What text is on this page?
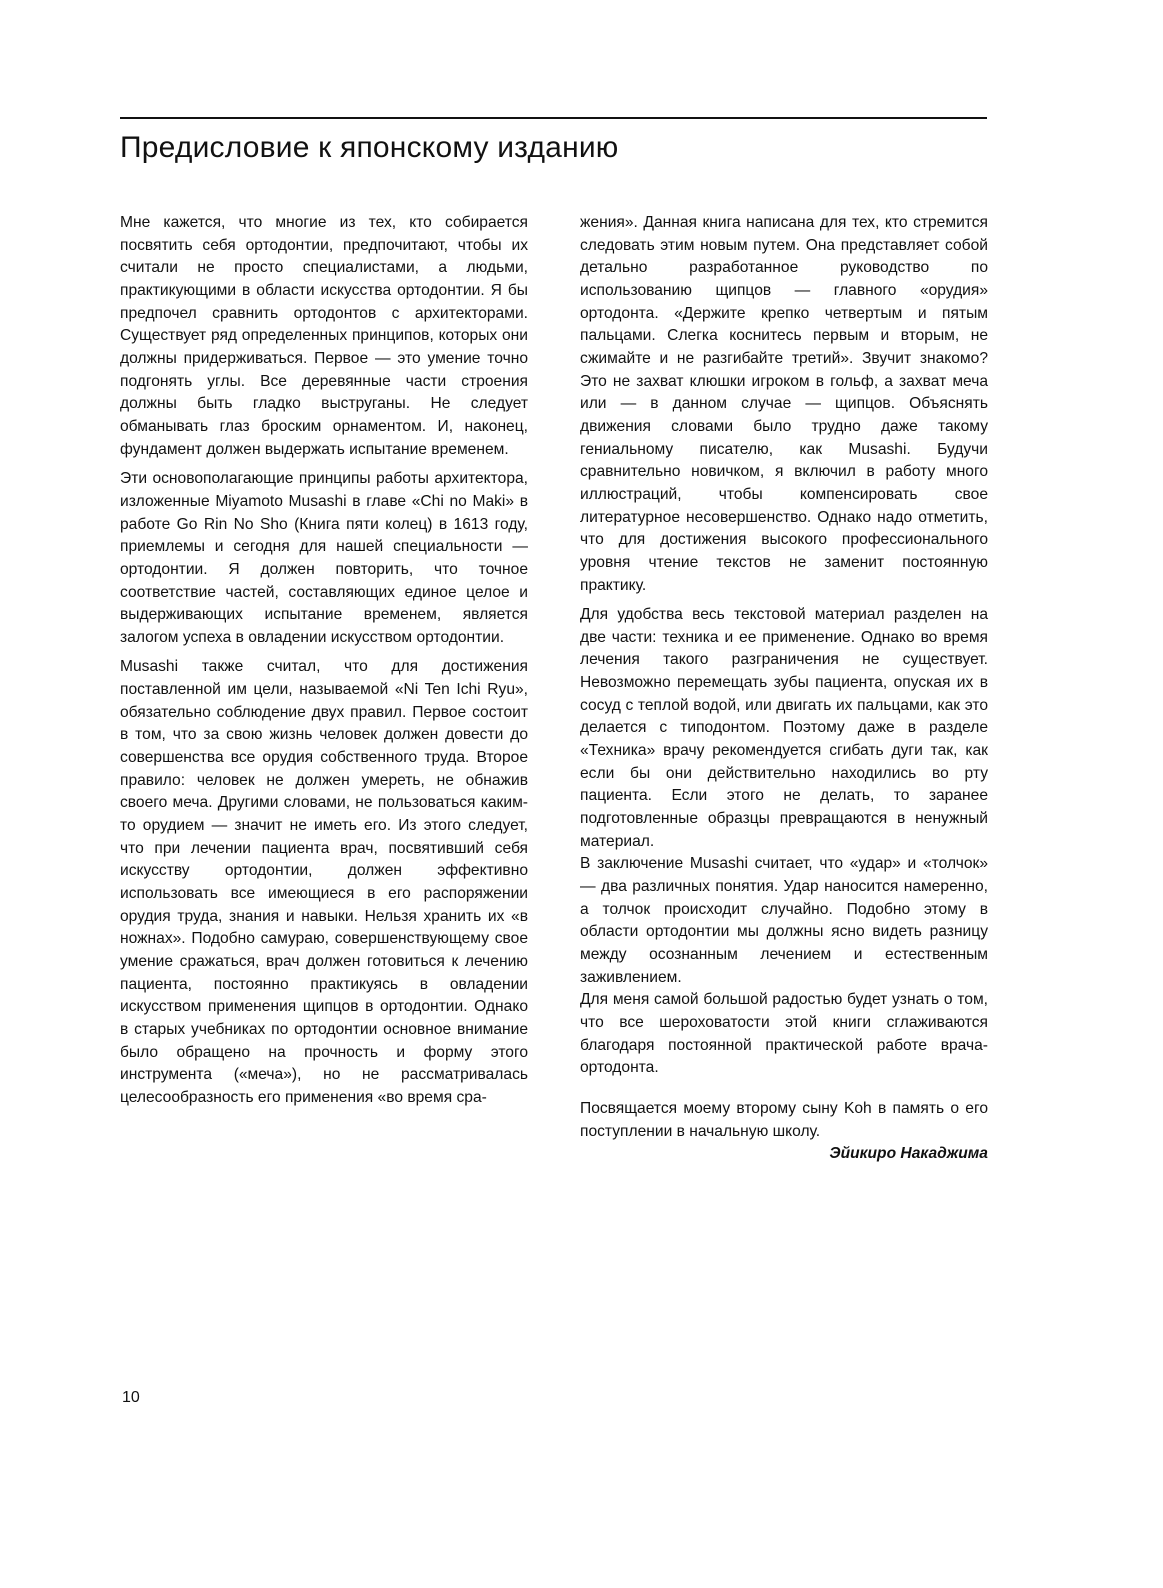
Предисловие к японскому изданию

Мне кажется, что многие из тех, кто собирается посвятить себя ортодонтии, предпочитают, чтобы их считали не просто специалистами, а людьми, практикующими в области искусства ортодонтии. Я бы предпочел сравнить ортодонтов с архитекторами. Существует ряд определенных принципов, которых они должны придерживаться. Первое — это умение точно подгонять углы. Все деревянные части строения должны быть гладко выструганы. Не следует обманывать глаз броским орнаментом. И, наконец, фундамент должен выдержать испытание временем.

Эти основополагающие принципы работы архитектора, изложенные Miyamoto Musashi в главе «Chi no Maki» в работе Go Rin No Sho (Книга пяти колец) в 1613 году, приемлемы и сегодня для нашей специальности — ортодонтии. Я должен повторить, что точное соответствие частей, составляющих единое целое и выдерживающих испытание временем, является залогом успеха в овладении искусством ортодонтии.

Musashi также считал, что для достижения поставленной им цели, называемой «Ni Ten Ichi Ryu», обязательно соблюдение двух правил. Первое состоит в том, что за свою жизнь человек должен довести до совершенства все орудия собственного труда. Второе правило: человек не должен умереть, не обнажив своего меча. Другими словами, не пользоваться каким-то орудием — значит не иметь его. Из этого следует, что при лечении пациента врач, посвятивший себя искусству ортодонтии, должен эффективно использовать все имеющиеся в его распоряжении орудия труда, знания и навыки. Нельзя хранить их «в ножнах». Подобно самураю, совершенствующему свое умение сражаться, врач должен готовиться к лечению пациента, постоянно практикуясь в овладении искусством применения щипцов в ортодонтии. Однако в старых учебниках по ортодонтии основное внимание было обращено на прочность и форму этого инструмента («меча»), но не рассматривалась целесообразность его применения «во время сра-

жения». Данная книга написана для тех, кто стремится следовать этим новым путем. Она представляет собой детально разработанное руководство по использованию щипцов — главного «орудия» ортодонта. «Держите крепко четвертым и пятым пальцами. Слегка коснитесь первым и вторым, не сжимайте и не разгибайте третий». Звучит знакомо? Это не захват клюшки игроком в гольф, а захват меча или — в данном случае — щипцов. Объяснять движения словами было трудно даже такому гениальному писателю, как Musashi. Будучи сравнительно новичком, я включил в работу много иллюстраций, чтобы компенсировать свое литературное несовершенство. Однако надо отметить, что для достижения высокого профессионального уровня чтение текстов не заменит постоянную практику.

Для удобства весь текстовой материал разделен на две части: техника и ее применение. Однако во время лечения такого разграничения не существует. Невозможно перемещать зубы пациента, опуская их в сосуд с теплой водой, или двигать их пальцами, как это делается с типодонтом. Поэтому даже в разделе «Техника» врачу рекомендуется сгибать дуги так, как если бы они действительно находились во рту пациента. Если этого не делать, то заранее подготовленные образцы превращаются в ненужный материал.

В заключение Musashi считает, что «удар» и «толчок» — два различных понятия. Удар наносится намеренно, а толчок происходит случайно. Подобно этому в области ортодонтии мы должны ясно видеть разницу между осознанным лечением и естественным заживлением.

Для меня самой большой радостью будет узнать о том, что все шероховатости этой книги сглаживаются благодаря постоянной практической работе врача-ортодонта.

Посвящается моему второму сыну Koh в память о его поступлении в начальную школу.

Эйикиро Накаджима

10
